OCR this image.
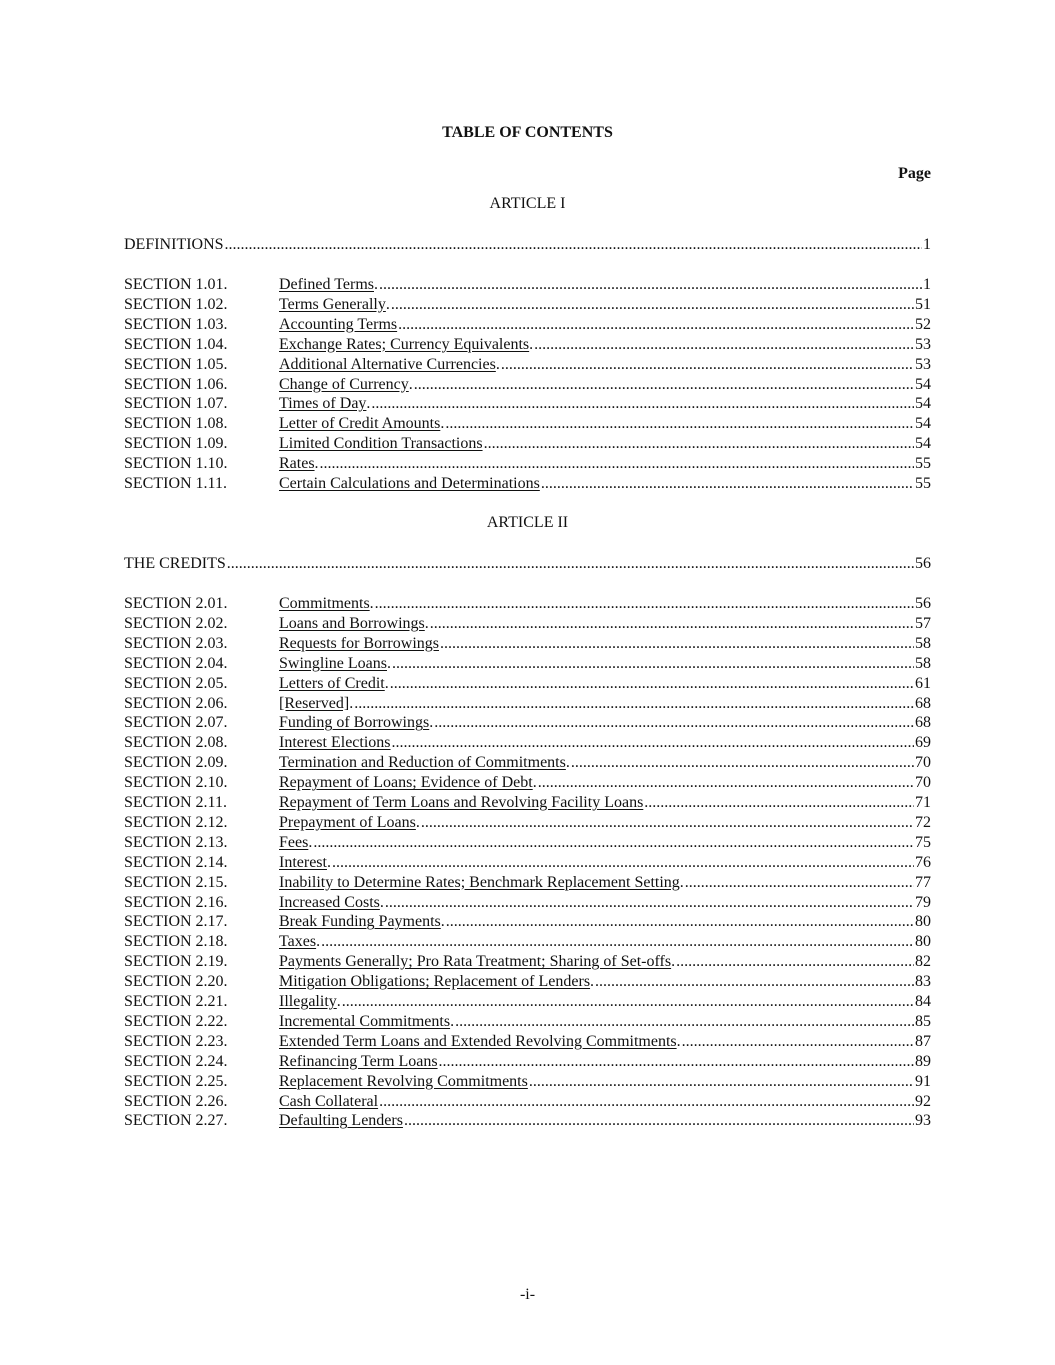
TABLE OF CONTENTS
Page
ARTICLE I
DEFINITIONS .....	1
SECTION 1.01.	Defined Terms . .....	1
SECTION 1.02.	Terms Generally . .....	51
SECTION 1.03.	Accounting Terms .....	52
SECTION 1.04.	Exchange Rates; Currency Equivalents . .....	53
SECTION 1.05.	Additional Alternative Currencies . .....	53
SECTION 1.06.	Change of Currency . .....	54
SECTION 1.07.	Times of Day . .....	54
SECTION 1.08.	Letter of Credit Amounts . .....	54
SECTION 1.09.	Limited Condition Transactions .....	54
SECTION 1.10.	Rates . .....	55
SECTION 1.11.	Certain Calculations and Determinations .....	55
ARTICLE II
THE CREDITS .....	56
SECTION 2.01.	Commitments . .....	56
SECTION 2.02.	Loans and Borrowings . .....	57
SECTION 2.03.	Requests for Borrowings .....	58
SECTION 2.04.	Swingline Loans . .....	58
SECTION 2.05.	Letters of Credit . .....	61
SECTION 2.06.	[Reserved] . .....	68
SECTION 2.07.	Funding of Borrowings . .....	68
SECTION 2.08.	Interest Elections .....	69
SECTION 2.09.	Termination and Reduction of Commitments . .....	70
SECTION 2.10.	Repayment of Loans; Evidence of Debt . .....	70
SECTION 2.11.	Repayment of Term Loans and Revolving Facility Loans .....	71
SECTION 2.12.	Prepayment of Loans . .....	72
SECTION 2.13.	Fees . .....	75
SECTION 2.14.	Interest . .....	76
SECTION 2.15.	Inability to Determine Rates; Benchmark Replacement Setting . .....	77
SECTION 2.16.	Increased Costs . .....	79
SECTION 2.17.	Break Funding Payments . .....	80
SECTION 2.18.	Taxes . .....	80
SECTION 2.19.	Payments Generally; Pro Rata Treatment; Sharing of Set-offs . .....	82
SECTION 2.20.	Mitigation Obligations; Replacement of Lenders . .....	83
SECTION 2.21.	Illegality . .....	84
SECTION 2.22.	Incremental Commitments . .....	85
SECTION 2.23.	Extended Term Loans and Extended Revolving Commitments . .....	87
SECTION 2.24.	Refinancing Term Loans .....	89
SECTION 2.25.	Replacement Revolving Commitments .....	91
SECTION 2.26.	Cash Collateral .....	92
SECTION 2.27.	Defaulting Lenders .....	93
-i-
